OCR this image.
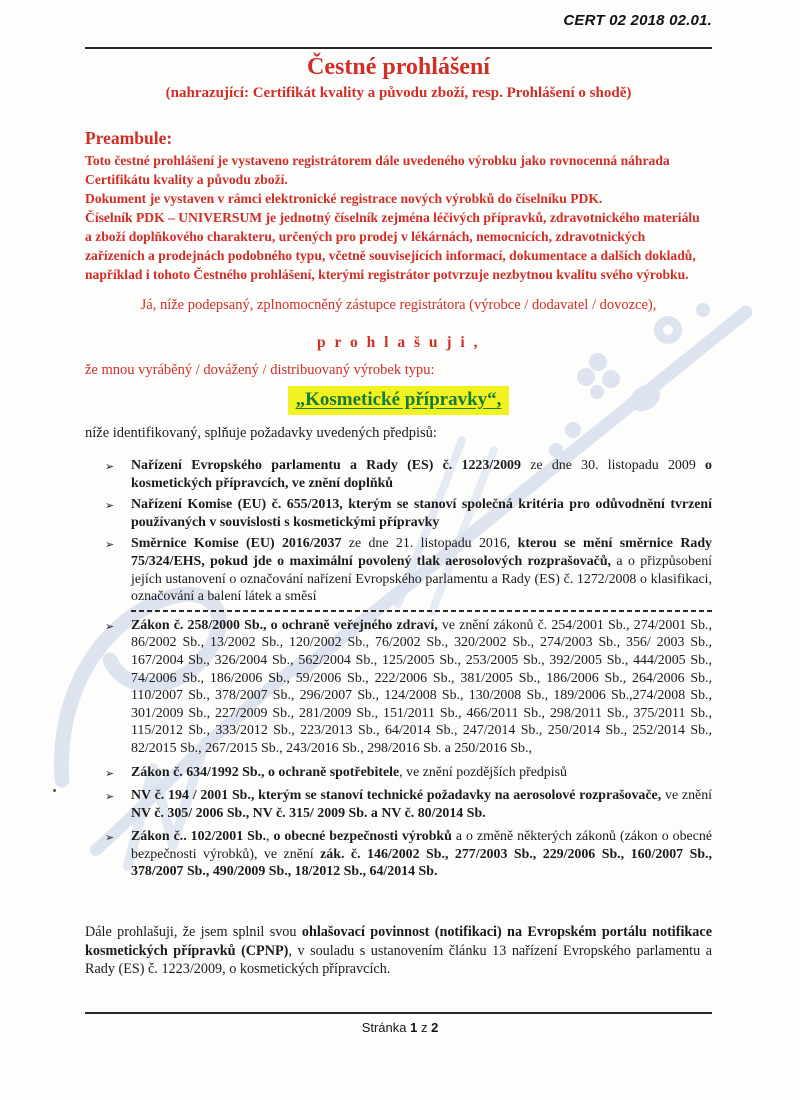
CERT 02 2018 02.01.
Čestné prohlášení
(nahrazující: Certifikát kvality a původu zboží, resp. Prohlášení o shodě)
Preambule:
Toto čestné prohlášení je vystaveno registrátorem dále uvedeného výrobku jako rovnocenná náhrada
Certifikátu kvality a původu zboží.
Dokument je vystaven v rámci elektronické registrace nových výrobků do číselníku PDK.
Číselník PDK – UNIVERSUM je jednotný číselník zejména léčivých přípravků, zdravotnického materiálu
a zboží doplňkového charakteru, určených pro prodej v lékárnách, nemocnicích, zdravotnických
zařízeních a prodejnách podobného typu, včetně souvisejících informací, dokumentace a dalších dokladů,
například i tohoto Čestného prohlášení, kterými registrátor potvrzuje nezbytnou kvalitu svého výrobku.
Já, níže podepsaný, zplnomocněný zástupce registrátora (výrobce / dodavatel / dovozce),
p r o h l a š u j i ,
že mnou vyráběný / dovážený / distribuovaný výrobek typu:
„Kosmetické přípravky“,
níže identifikovaný, splňuje požadavky uvedených předpisů:
➢ Nařízení Evropského parlamentu a Rady (ES) č. 1223/2009 ze dne 30. listopadu 2009 o kosmetických přípravcích, ve znění doplňků
➢ Nařízení Komise (EU) č. 655/2013, kterým se stanoví společná kritéria pro odůvodnění tvrzení používaných v souvislosti s kosmetickými přípravky
➢ Směrnice Komise (EU) 2016/2037 ze dne 21. listopadu 2016, kterou se mění směrnice Rady 75/324/EHS, pokud jde o maximální povolený tlak aerosolových rozprašovačů, a o přizpůsobení jejích ustanovení o označování nařízení Evropského parlamentu a Rady (ES) č. 1272/2008 o klasifikaci, označování a balení látek a směsí
➢ Zákon č. 258/2000 Sb., o ochraně veřejného zdraví, ve znění zákonů č. 254/2001 Sb., 274/2001 Sb., 86/2002 Sb., 13/2002 Sb., 120/2002 Sb., 76/2002 Sb., 320/2002 Sb., 274/2003 Sb., 356/ 2003 Sb., 167/2004 Sb., 326/2004 Sb., 562/2004 Sb., 125/2005 Sb., 253/2005 Sb., 392/2005 Sb., 444/2005 Sb., 74/2006 Sb., 186/2006 Sb., 59/2006 Sb., 222/2006 Sb., 381/2005 Sb., 186/2006 Sb., 264/2006 Sb., 110/2007 Sb., 378/2007 Sb., 296/2007 Sb., 124/2008 Sb., 130/2008 Sb., 189/2006 Sb.,274/2008 Sb., 301/2009 Sb., 227/2009 Sb., 281/2009 Sb., 151/2011 Sb., 466/2011 Sb., 298/2011 Sb., 375/2011 Sb., 115/2012 Sb., 333/2012 Sb., 223/2013 Sb., 64/2014 Sb., 247/2014 Sb., 250/2014 Sb., 252/2014 Sb., 82/2015 Sb., 267/2015 Sb., 243/2016 Sb., 298/2016 Sb. a 250/2016 Sb.,
➢ Zákon č. 634/1992 Sb., o ochraně spotřebitele, ve znění pozdějších předpisů
➢ NV č. 194 / 2001 Sb., kterým se stanoví technické požadavky na aerosolové rozprašovače, ve znění NV č. 305/ 2006 Sb., NV č. 315/ 2009 Sb. a NV č. 80/2014 Sb.
➢ Zákon č.. 102/2001 Sb., o obecné bezpečnosti výrobků a o změně některých zákonů (zákon o obecné bezpečnosti výrobků), ve znění zák. č. 146/2002 Sb., 277/2003 Sb., 229/2006 Sb., 160/2007 Sb., 378/2007 Sb., 490/2009 Sb., 18/2012 Sb., 64/2014 Sb.

Dále prohlašuji, že jsem splnil svou ohlašovací povinnost (notifikaci) na Evropském portálu notifikace kosmetických přípravků (CPNP), v souladu s ustanovením článku 13 nařízení Evropského parlamentu a Rady (ES) č. 1223/2009, o kosmetických přípravcích.

Stránka 1 z 2
